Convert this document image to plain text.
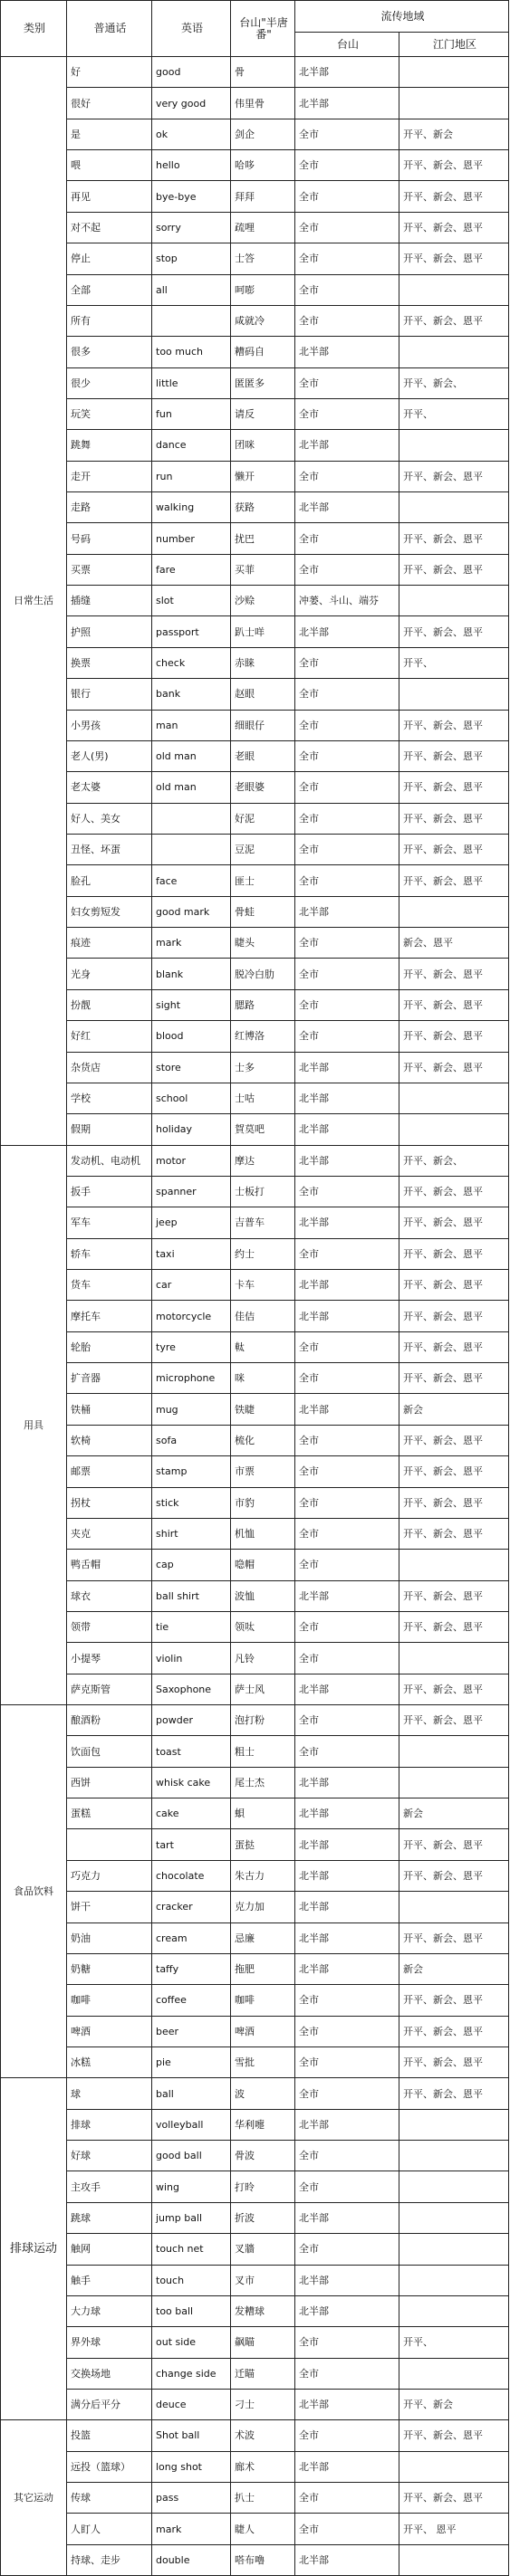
类别	普通话	英语	台山"半唐番"	流传地域	
				台山	江门地区
日常生活	好	good	骨	北半部	
	很好	very good	伟里骨	北半部	
	是	ok	剑企	全市	开平、新会
	喂	hello	哈哆	全市	开平、新会、恩平
	再见	bye-bye	拜拜	全市	开平、新会、恩平
	对不起	sorry	疏哩	全市	开平、新会、恩平
	停止	stop	士答	全市	开平、新会、恩平
	全部	all	呵嘭	全市	
	所有		咸就冷	全市	开平、新会、恩平
	很多	too much	糟码自	北半部	
	很少	little	匿匿多	全市	开平、新会、
	玩笑	fun	请反	全市	开平、
	跳舞	dance	团咪	北半部	
	走开	run	懒开	全市	开平、新会、恩平
	走路	walking	获路	北半部	
	号码	number	扰巴	全市	开平、新会、恩平
	买票	fare	买菲	全市	开平、新会、恩平
	插缝	slot	沙赊	冲蒌、斗山、端芬	
	护照	passport	趴士咩	北半部	开平、新会、恩平
	换票	check	赤睐	全市	开平、
	银行	bank	赵眼	全市	
	小男孩	man	细眼仔	全市	开平、新会、恩平
	老人(男)	old man	老眼	全市	开平、新会、恩平
	老太婆	old man	老眼婆	全市	开平、新会、恩平
	好人、美女		好泥	全市	开平、新会、恩平
	丑怪、坏蛋		豆泥	全市	开平、新会、恩平
	脸孔	face	匪士	全市	开平、新会、恩平
	妇女剪短发	good mark	骨蛙	北半部	
	痕迹	mark	睫头	全市	新会、恩平
	光身	blank	脱冷白肋	全市	开平、新会、恩平
	扮靓	sight	腮路	全市	开平、新会、恩平
	好红	blood	红博洛	全市	开平、新会、恩平
	杂货店	store	士多	北半部	开平、新会、恩平
	学校	school	士咕	北半部	
	假期	holiday	賀莫吧	北半部	
用具	发动机、电动机	motor	摩达	北半部	开平、新会、
	扳手	spanner	士板打	全市	开平、新会、恩平
	军车	jeep	吉普车	北半部	开平、新会、恩平
	轿车	taxi	约士	全市	开平、新会、恩平
	货车	car	卡车	北半部	开平、新会、恩平
	摩托车	motorcycle	佳佶	北半部	开平、新会、恩平
	轮胎	tyre	軚	全市	开平、新会、恩平
	扩音器	microphone	咪	全市	开平、新会、恩平
	铁桶	mug	铁睫	北半部	新会
	软椅	sofa	梳化	全市	开平、新会、恩平
	邮票	stamp	市票	全市	开平、新会、恩平
	拐杖	stick	市豹	全市	开平、新会、恩平
	夹克	shirt	机恤	全市	开平、新会、恩平
	鸭舌帽	cap	喼帽	全市	
	球衣	ball shirt	波恤	北半部	开平、新会、恩平
	领带	tie	领呔	全市	开平、新会、恩平
	小提琴	violin	凡铃	全市	
	萨克斯管	Saxophone	萨士风	北半部	开平、新会、恩平
食品饮料	酿酒粉	powder	泡打粉	全市	开平、新会、恩平
	饮面包	toast	粗士	全市	
	西饼	whisk cake	尾士杰	北半部	
	蛋糕	cake	蛽	北半部	新会
		tart	蛋挞	北半部	开平、新会、恩平
	巧克力	chocolate	朱古力	北半部	开平、新会、恩平
	饼干	cracker	克力加	北半部	
	奶油	cream	忌廉	北半部	开平、新会、恩平
	奶糖	taffy	拖肥	北半部	新会
	咖啡	coffee	咖啡	全市	开平、新会、恩平
	啤酒	beer	啤酒	全市	开平、新会、恩平
	冰糕	pie	雪批	全市	开平、新会、恩平
排球运动	球	ball	波	全市	开平、新会、恩平
	排球	volleyball	华利嚏	北半部	
	好球	good ball	骨波	全市	
	主攻手	wing	打昤	全市	
	跳球	jump ball	折波	北半部	
	触网	touch net	叉牆	全市	
	触手	touch	叉市	北半部	
	大力球	too ball	发糟球	北半部	
	界外球	out side	飙瞄	全市	开平、
	交换场地	change side	迁瞄	全市	
	满分后平分	deuce	刁士	北半部	开平、新会
其它运动	投篮	Shot ball	术波	全市	开平、新会、恩平
	远投（篮球）	long shot	廊术	北半部	
	传球	pass	扒士	全市	开平、新会、恩平
	人盯人	mark	睫人	全市	开平、 恩平
	持球、走步	double	嗒布嚕	北半部	
